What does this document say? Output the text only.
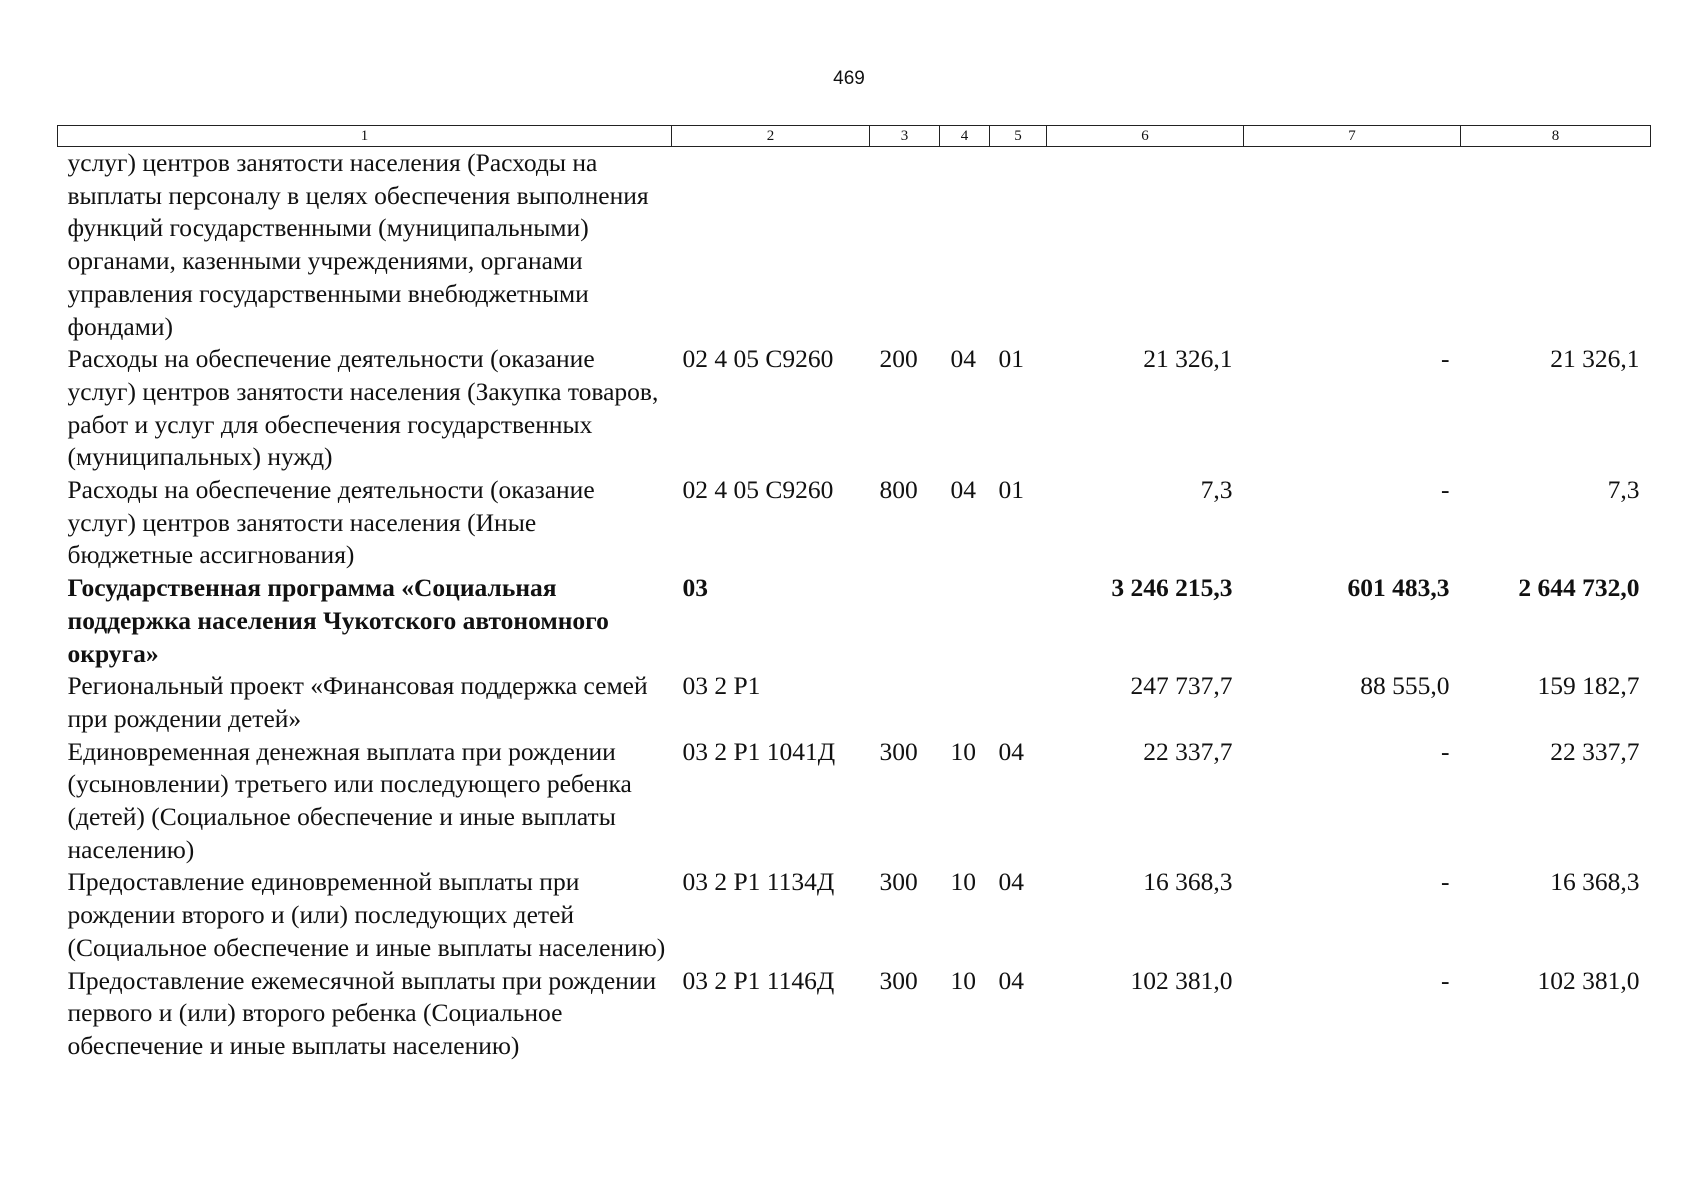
469
1	2	3	4	5	6	7	8
услуг) центров занятости населения (Расходы на выплаты персоналу в целях обеспечения выполнения функций государственными (муниципальными) органами, казенными учреждениями, органами управления государственными внебюджетными фондами)							
Расходы на обеспечение деятельности (оказание услуг) центров занятости населения (Закупка товаров, работ и услуг для обеспечения государственных (муниципальных) нужд)	02 4 05 С9260	200	04	01	21 326,1	-	21 326,1
Расходы на обеспечение деятельности (оказание услуг) центров занятости населения (Иные бюджетные ассигнования)	02 4 05 С9260	800	04	01	7,3	-	7,3
Государственная программа «Социальная поддержка населения Чукотского автономного округа»	03				3 246 215,3	601 483,3	2 644 732,0
Региональный проект «Финансовая поддержка семей при рождении детей»	03 2 P1				247 737,7	88 555,0	159 182,7
Единовременная денежная выплата при рождении (усыновлении) третьего или последующего ребенка (детей) (Социальное обеспечение и иные выплаты населению)	03 2 P1 1041Д	300	10	04	22 337,7	-	22 337,7
Предоставление единовременной выплаты при рождении второго и (или) последующих детей (Социальное обеспечение и иные выплаты населению)	03 2 P1 1134Д	300	10	04	16 368,3	-	16 368,3
Предоставление ежемесячной выплаты при рождении первого и (или) второго ребенка (Социальное обеспечение и иные выплаты населению)	03 2 P1 1146Д	300	10	04	102 381,0	-	102 381,0
